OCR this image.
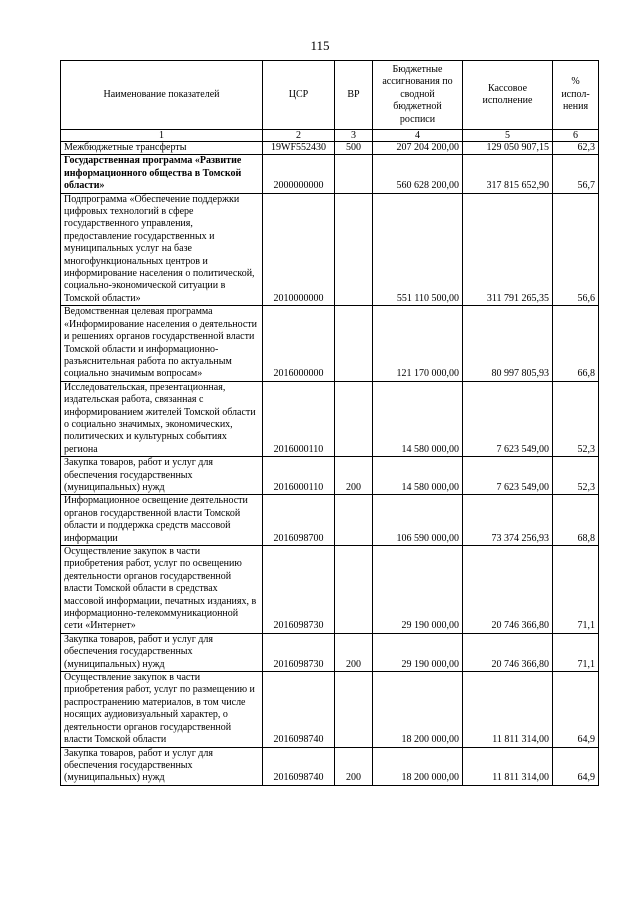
115
Наименование показателей	ЦСР	ВР	Бюджетные ассигнования по сводной бюджетной росписи	Кассовое исполнение	% испол-нения
1	2	3	4	5	6
Межбюджетные трансферты	19WF552430	500	207 204 200,00	129 050 907,15	62,3
Государственная программа «Развитие информационного общества в Томской области»	2000000000		560 628 200,00	317 815 652,90	56,7
Подпрограмма «Обеспечение поддержки цифровых технологий в сфере государственного управления, предоставление государственных и муниципальных услуг на базе многофункциональных центров и информирование населения о политической, социально-экономической ситуации в Томской области»	2010000000		551 110 500,00	311 791 265,35	56,6
Ведомственная целевая программа «Информирование населения о деятельности и решениях органов государственной власти Томской области и информационно-разъяснительная работа по актуальным социально значимым вопросам»	2016000000		121 170 000,00	80 997 805,93	66,8
Исследовательская, презентационная, издательская работа, связанная с информированием жителей Томской области о социально значимых, экономических, политических и культурных событиях региона	2016000110		14 580 000,00	7 623 549,00	52,3
Закупка товаров, работ и услуг для обеспечения государственных (муниципальных) нужд	2016000110	200	14 580 000,00	7 623 549,00	52,3
Информационное освещение деятельности органов государственной власти Томской области и поддержка средств массовой информации	2016098700		106 590 000,00	73 374 256,93	68,8
Осуществление закупок в части приобретения работ, услуг по освещению деятельности органов государственной власти Томской области в средствах массовой информации, печатных изданиях, в информационно-телекоммуникационной сети «Интернет»	2016098730		29 190 000,00	20 746 366,80	71,1
Закупка товаров, работ и услуг для обеспечения государственных (муниципальных) нужд	2016098730	200	29 190 000,00	20 746 366,80	71,1
Осуществление закупок в части приобретения работ, услуг по размещению и распространению материалов, в том числе носящих аудиовизуальный характер, о деятельности органов государственной власти Томской области	2016098740		18 200 000,00	11 811 314,00	64,9
Закупка товаров, работ и услуг для обеспечения государственных (муниципальных) нужд	2016098740	200	18 200 000,00	11 811 314,00	64,9
